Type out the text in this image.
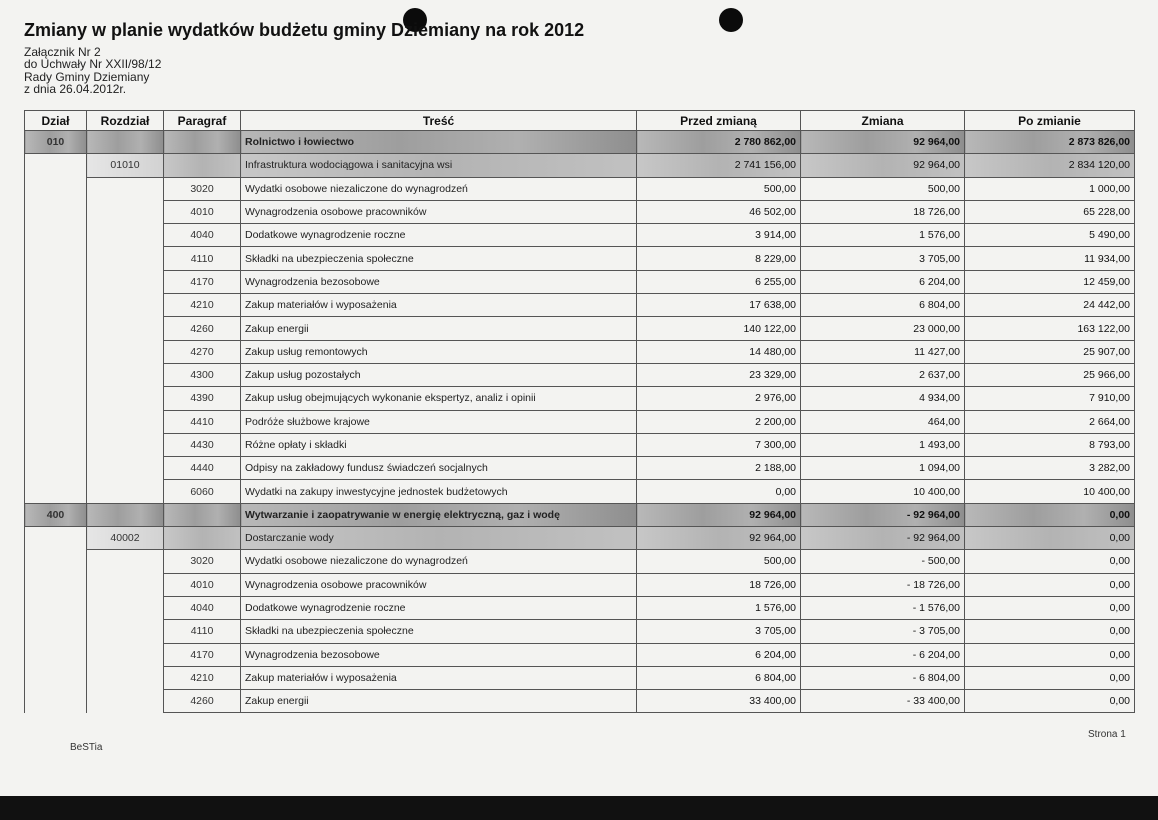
Zmiany w planie wydatków budżetu gminy Dziemiany na rok 2012
Załącznik Nr 2
do Uchwały Nr XXII/98/12
Rady Gminy Dziemiany
z dnia 26.04.2012r.
Dział	Rozdział	Paragraf	Treść	Przed zmianą	Zmiana	Po zmianie
010			Rolnictwo i łowiectwo	2 780 862,00	92 964,00	2 873 826,00
	01010		Infrastruktura wodociągowa i sanitacyjna wsi	2 741 156,00	92 964,00	2 834 120,00
		3020	Wydatki osobowe niezaliczone do wynagrodzeń	500,00	500,00	1 000,00
		4010	Wynagrodzenia osobowe pracowników	46 502,00	18 726,00	65 228,00
		4040	Dodatkowe wynagrodzenie roczne	3 914,00	1 576,00	5 490,00
		4110	Składki na ubezpieczenia społeczne	8 229,00	3 705,00	11 934,00
		4170	Wynagrodzenia bezosobowe	6 255,00	6 204,00	12 459,00
		4210	Zakup materiałów i wyposażenia	17 638,00	6 804,00	24 442,00
		4260	Zakup energii	140 122,00	23 000,00	163 122,00
		4270	Zakup usług remontowych	14 480,00	11 427,00	25 907,00
		4300	Zakup usług pozostałych	23 329,00	2 637,00	25 966,00
		4390	Zakup usług obejmujących wykonanie ekspertyz, analiz i opinii	2 976,00	4 934,00	7 910,00
		4410	Podróże służbowe krajowe	2 200,00	464,00	2 664,00
		4430	Różne opłaty i składki	7 300,00	1 493,00	8 793,00
		4440	Odpisy na zakładowy fundusz świadczeń socjalnych	2 188,00	1 094,00	3 282,00
		6060	Wydatki na zakupy inwestycyjne jednostek budżetowych	0,00	10 400,00	10 400,00
400			Wytwarzanie i zaopatrywanie w energię elektryczną, gaz i wodę	92 964,00	- 92 964,00	0,00
	40002		Dostarczanie wody	92 964,00	- 92 964,00	0,00
		3020	Wydatki osobowe niezaliczone do wynagrodzeń	500,00	- 500,00	0,00
		4010	Wynagrodzenia osobowe pracowników	18 726,00	- 18 726,00	0,00
		4040	Dodatkowe wynagrodzenie roczne	1 576,00	- 1 576,00	0,00
		4110	Składki na ubezpieczenia społeczne	3 705,00	- 3 705,00	0,00
		4170	Wynagrodzenia bezosobowe	6 204,00	- 6 204,00	0,00
		4210	Zakup materiałów i wyposażenia	6 804,00	- 6 804,00	0,00
		4260	Zakup energii	33 400,00	- 33 400,00	0,00
Strona 1
BeSTia
